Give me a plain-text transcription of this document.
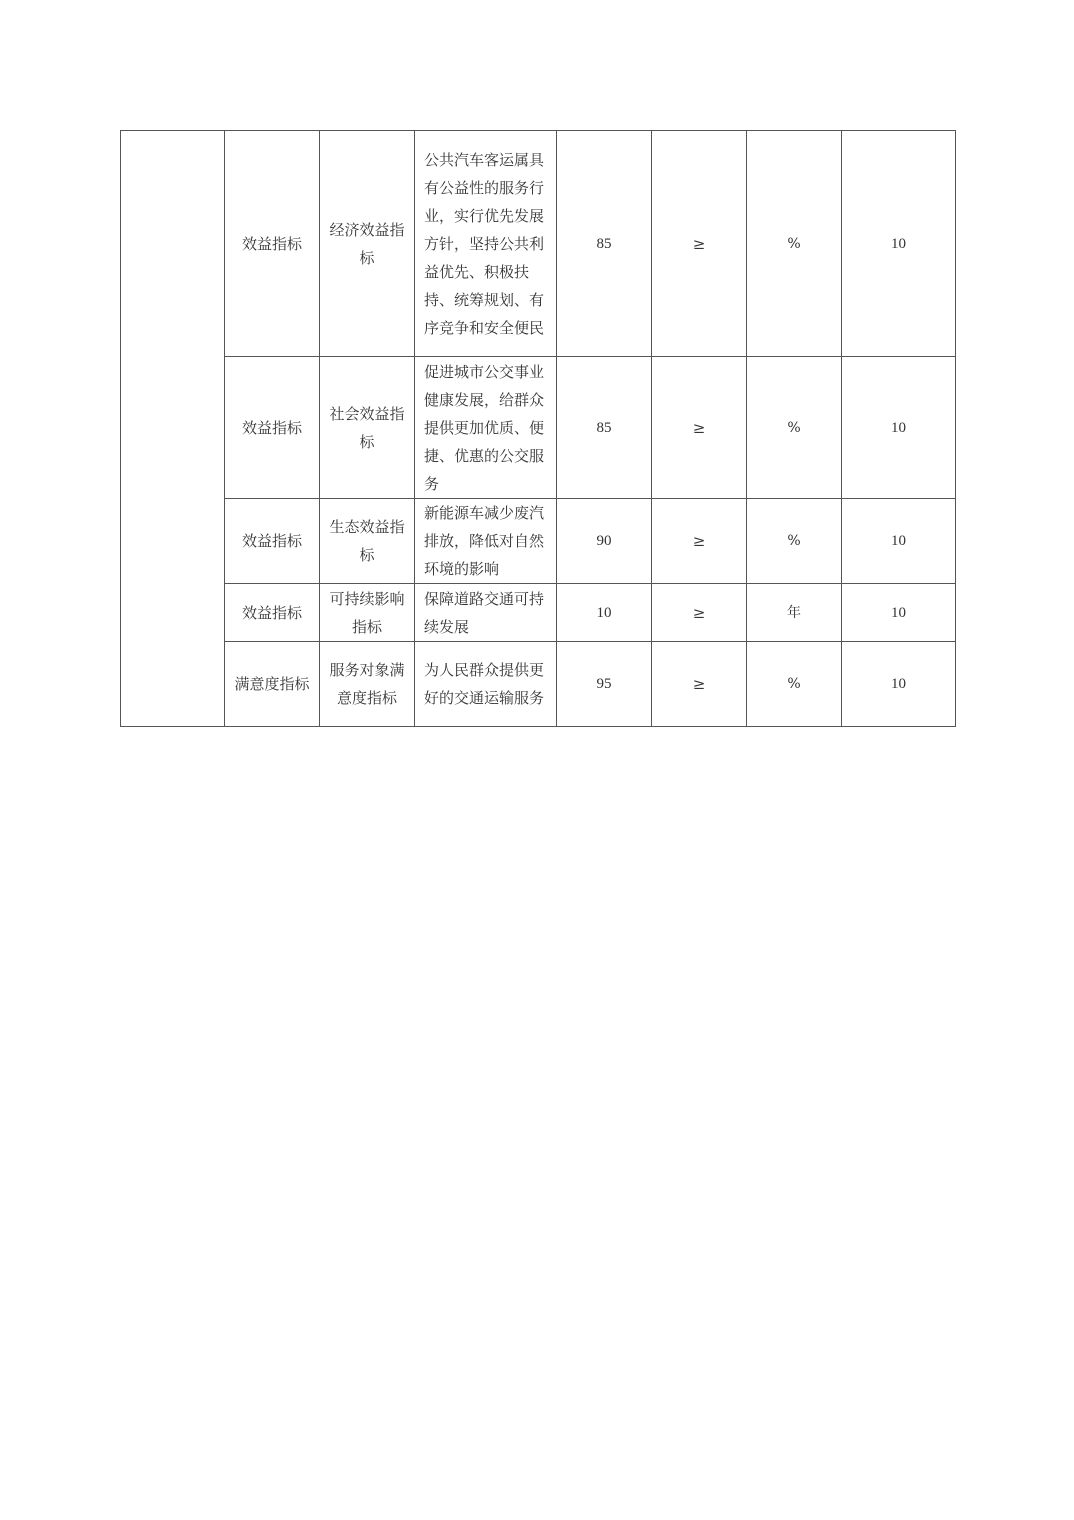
	效益指标	经济效益指标	公共汽车客运属具有公益性的服务行业，实行优先发展方针，坚持公共利益优先、积极扶持、统筹规划、有序竞争和安全便民	85	≥	%	10
	效益指标	社会效益指标	促进城市公交事业健康发展，给群众提供更加优质、便捷、优惠的公交服务	85	≥	%	10
	效益指标	生态效益指标	新能源车减少废汽排放，降低对自然环境的影响	90	≥	%	10
	效益指标	可持续影响指标	保障道路交通可持续发展	10	≥	年	10
	满意度指标	服务对象满意度指标	为人民群众提供更好的交通运输服务	95	≥	%	10
